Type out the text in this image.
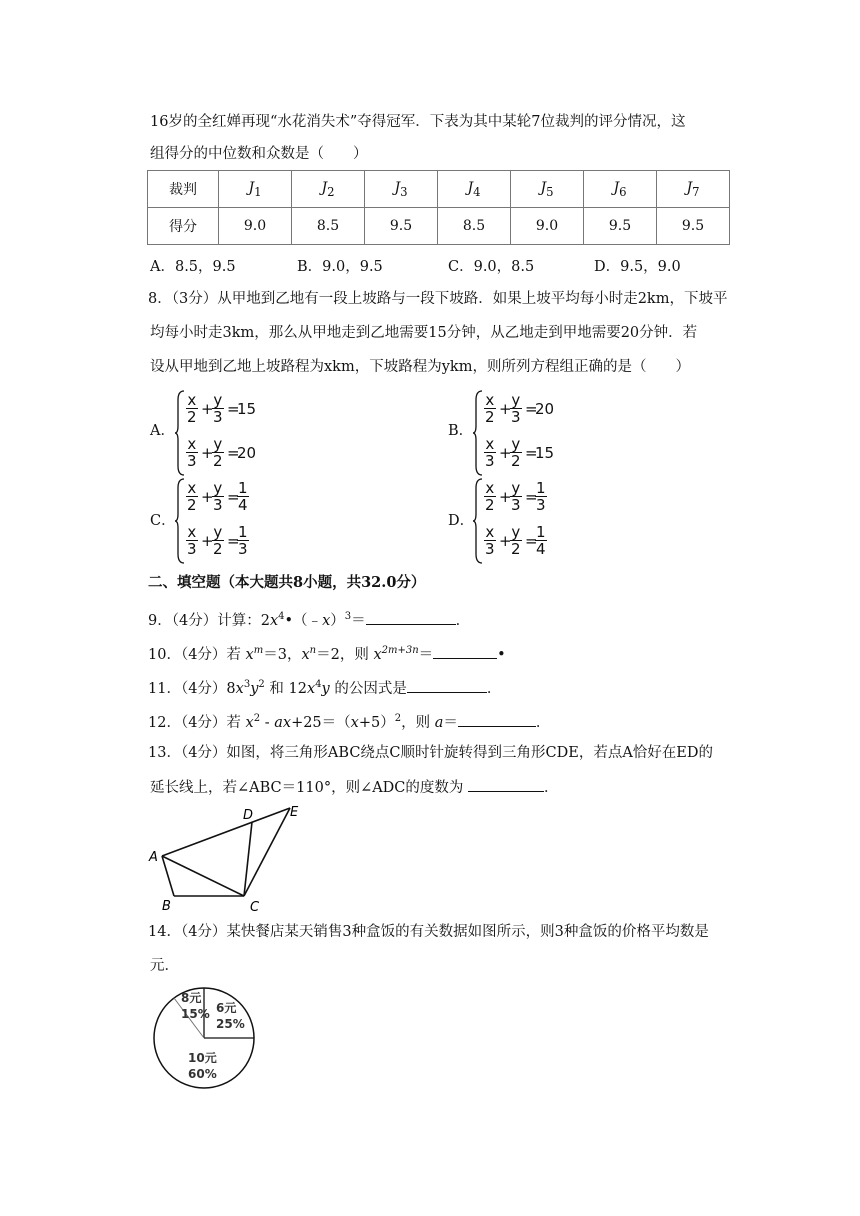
16岁的全红婵再现“水花消失术”夺得冠军．下表为其中某轮7位裁判的评分情况，这
组得分的中位数和众数是（　　）
裁判	$J_1$	$J_2$	$J_3$	$J_4$	$J_5$	$J_6$	$J_7$
得分	9.0	8.5	9.5	8.5	9.0	9.5	9.5
A．8.5，9.5	B．9.0，9.5	C．9.0，8.5	D．9.5，9.0
8．（3分）从甲地到乙地有一段上坡路与一段下坡路．如果上坡平均每小时走2km，下坡平
均每小时走3km，那么从甲地走到乙地需要15分钟，从乙地走到甲地需要20分钟．若
设从甲地到乙地上坡路程为xkm，下坡路程为ykm，则所列方程组正确的是（　　）
A．
$\frac{x}{2}$ +
$\frac{y}{3}$ =
15
$\frac{x}{3}$ +
$\frac{y}{2}$ =
20
B．
$\frac{x}{2}$ +
$\frac{y}{3}$ =
20
$\frac{x}{3}$ +
$\frac{y}{2}$ =
15
C．
$\frac{x}{2}$ +
$\frac{y}{3}$ =
$\frac{1}{4}$
$\frac{x}{3}$ +
$\frac{y}{2}$ =
$\frac{1}{3}$
D．
$\frac{x}{2}$ +
$\frac{y}{3}$ =
$\frac{1}{3}$
$\frac{x}{3}$ +
$\frac{y}{2}$ =
$\frac{1}{4}$
二、填空题（本大题共8小题，共32.0分）
9．（4分）计算：$2x^4•(﹣x)^3=$	．
10．（4分）若 $x^m=3$，$x^n=2$，则 $x^{2m+3n}=$	•
11．（4分）$8x^3y^2$ 和 $12x^4y$ 的公因式是	．
12．（4分）若 $x^2 - ax+25=(x+5)^2$，则 a＝	．
13．（4分）如图，将三角形ABC绕点C顺时针旋转得到三角形CDE，若点A恰好在ED的
延长线上，若∠ABC＝110°，则∠ADC的度数为	．
A
B	C
D	E
14．（4分）某快餐店某天销售3种盒饭的有关数据如图所示，则3种盒饭的价格平均数是
元．
8元
15% 6元
25%
10元
60%
